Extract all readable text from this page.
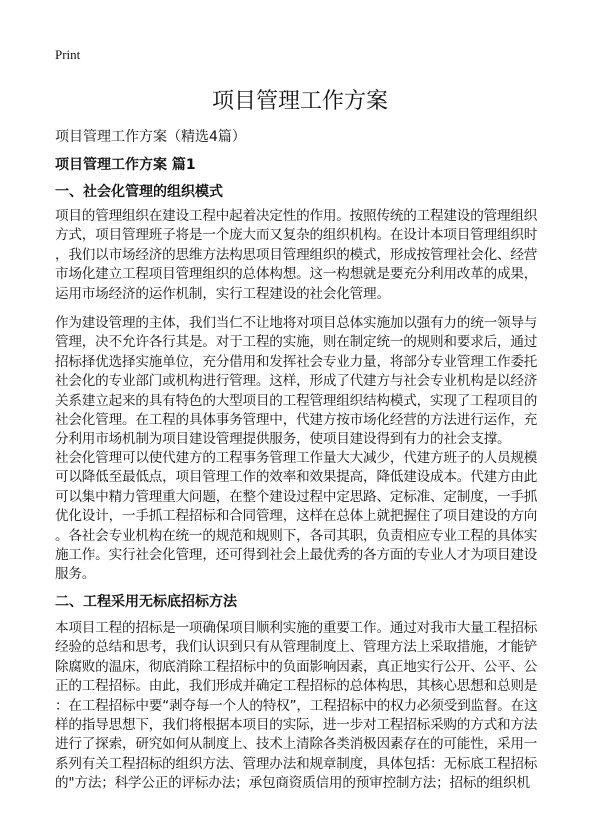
Print
项目管理工作方案
项目管理工作方案（精选4篇）
项目管理工作方案 篇1
一、社会化管理的组织模式
项目的管理组织在建设工程中起着决定性的作用。按照传统的工程建设的管理组织
方式，项目管理班子将是一个庞大而又复杂的组织机构。在设计本项目管理组织时
，我们以市场经济的思维方法构思项目管理组织的模式，形成按管理社会化、经营
市场化建立工程项目管理组织的总体构想。这一构想就是要充分利用改革的成果，
运用市场经济的运作机制，实行工程建设的社会化管理。
作为建设管理的主体，我们当仁不让地将对项目总体实施加以强有力的统一领导与
管理，决不允许各行其是。对于工程的实施，则在制定统一的规则和要求后，通过
招标择优选择实施单位，充分借用和发挥社会专业力量，将部分专业管理工作委托
社会化的专业部门或机构进行管理。这样，形成了代建方与社会专业机构是以经济
关系建立起来的具有特色的大型项目的工程管理组织结构模式，实现了工程项目的
社会化管理。在工程的具体事务管理中，代建方按市场化经营的方法进行运作，充
分利用市场机制为项目建设管理提供服务，使项目建设得到有力的社会支撑。
社会化管理可以使代建方的工程事务管理工作量大大减少，代建方班子的人员规模
可以降低至最低点，项目管理工作的效率和效果提高，降低建设成本。代建方由此
可以集中精力管理重大问题，在整个建设过程中定思路、定标准、定制度，一手抓
优化设计，一手抓工程招标和合同管理，这样在总体上就把握住了项目建设的方向
。各社会专业机构在统一的规范和规则下，各司其职，负责相应专业工程的具体实
施工作。实行社会化管理，还可得到社会上最优秀的各方面的专业人才为项目建设
服务。
二、工程采用无标底招标方法
本项目工程的招标是一项确保项目顺利实施的重要工作。通过对我市大量工程招标
经验的总结和思考，我们认识到只有从管理制度上、管理方法上采取措施，才能铲
除腐败的温床，彻底消除工程招标中的负面影响因素，真正地实行公开、公平、公
正的工程招标。由此，我们形成并确定工程招标的总体构思，其核心思想和总则是
：在工程招标中要“剥夺每一个人的特权”，工程招标中的权力必须受到监督。在这
样的指导思想下，我们将根据本项目的实际，进一步对工程招标采购的方式和方法
进行了探索，研究如何从制度上、技术上清除各类消极因素存在的可能性，采用一
系列有关工程招标的组织方法、管理办法和规章制度，具体包括：无标底工程招标
的"方法；科学公正的评标办法；承包商资质信用的预审控制方法；招标的组织机
